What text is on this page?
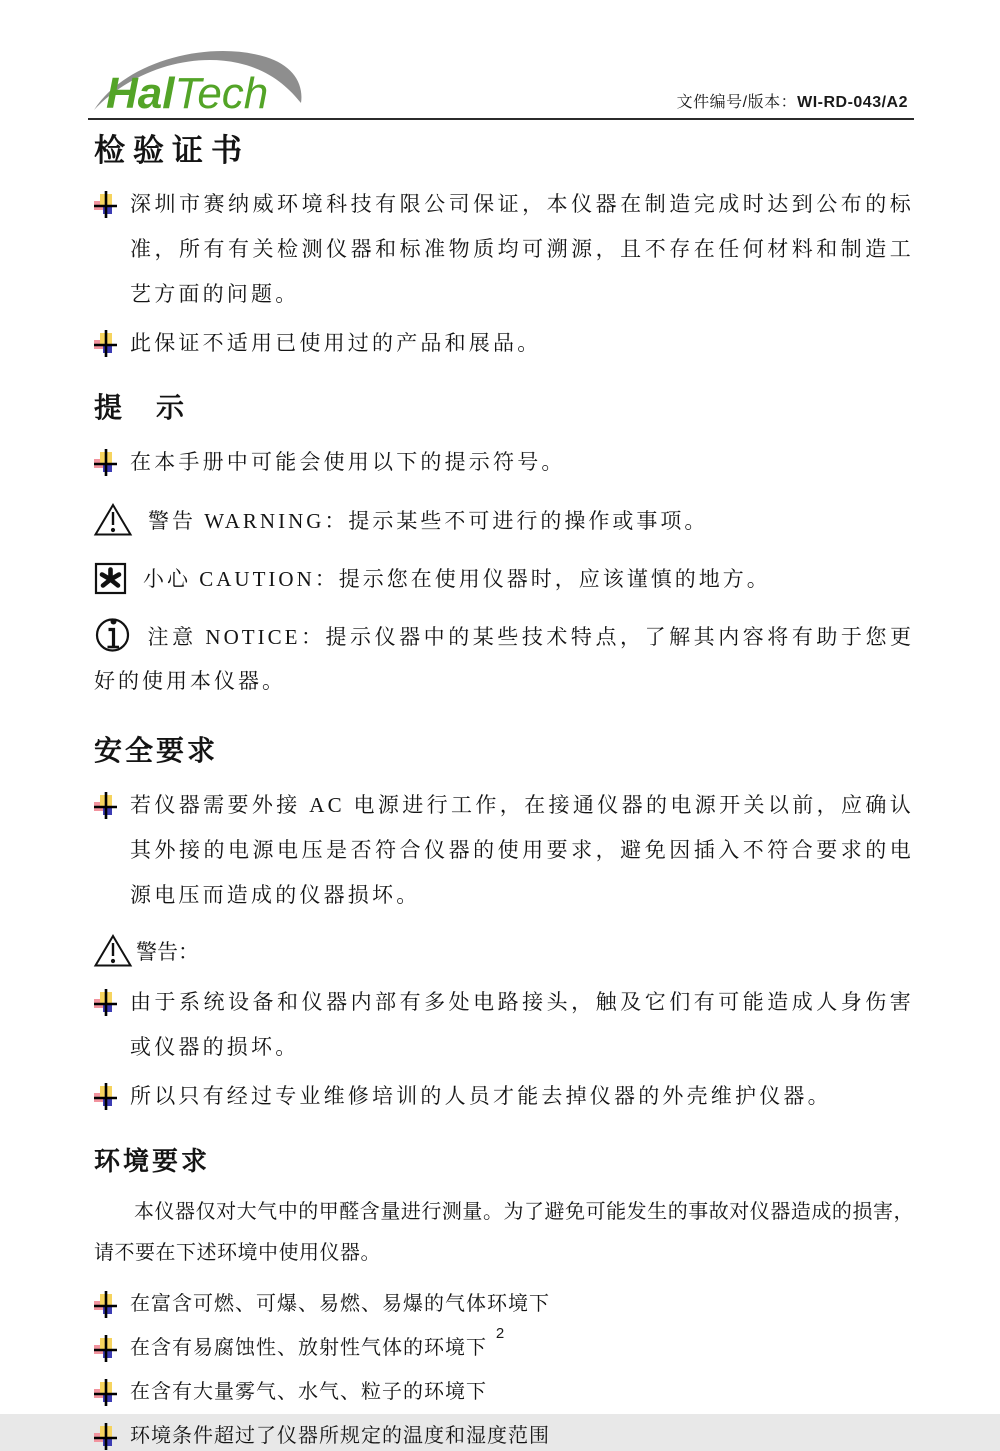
HalTech	文件编号/版本：WI-RD-043/A2
检验证书
深圳市赛纳威环境科技有限公司保证，本仪器在制造完成时达到公布的标准，所有有关检测仪器和标准物质均可溯源，且不存在任何材料和制造工艺方面的问题。
此保证不适用已使用过的产品和展品。
提　示
在本手册中可能会使用以下的提示符号。
警告 WARNING：提示某些不可进行的操作或事项。
小心 CAUTION：提示您在使用仪器时，应该谨慎的地方。
注意 NOTICE：提示仪器中的某些技术特点，了解其内容将有助于您更好的使用本仪器。
安全要求
若仪器需要外接 AC 电源进行工作，在接通仪器的电源开关以前，应确认其外接的电源电压是否符合仪器的使用要求，避免因插入不符合要求的电源电压而造成的仪器损坏。
警告：
由于系统设备和仪器内部有多处电路接头，触及它们有可能造成人身伤害或仪器的损坏。
所以只有经过专业维修培训的人员才能去掉仪器的外壳维护仪器。
环境要求
本仪器仅对大气中的甲醛含量进行测量。为了避免可能发生的事故对仪器造成的损害，请不要在下述环境中使用仪器。
在富含可燃、可爆、易燃、易爆的气体环境下
在含有易腐蚀性、放射性气体的环境下
在含有大量雾气、水气、粒子的环境下
环境条件超过了仪器所规定的温度和湿度范围
2
